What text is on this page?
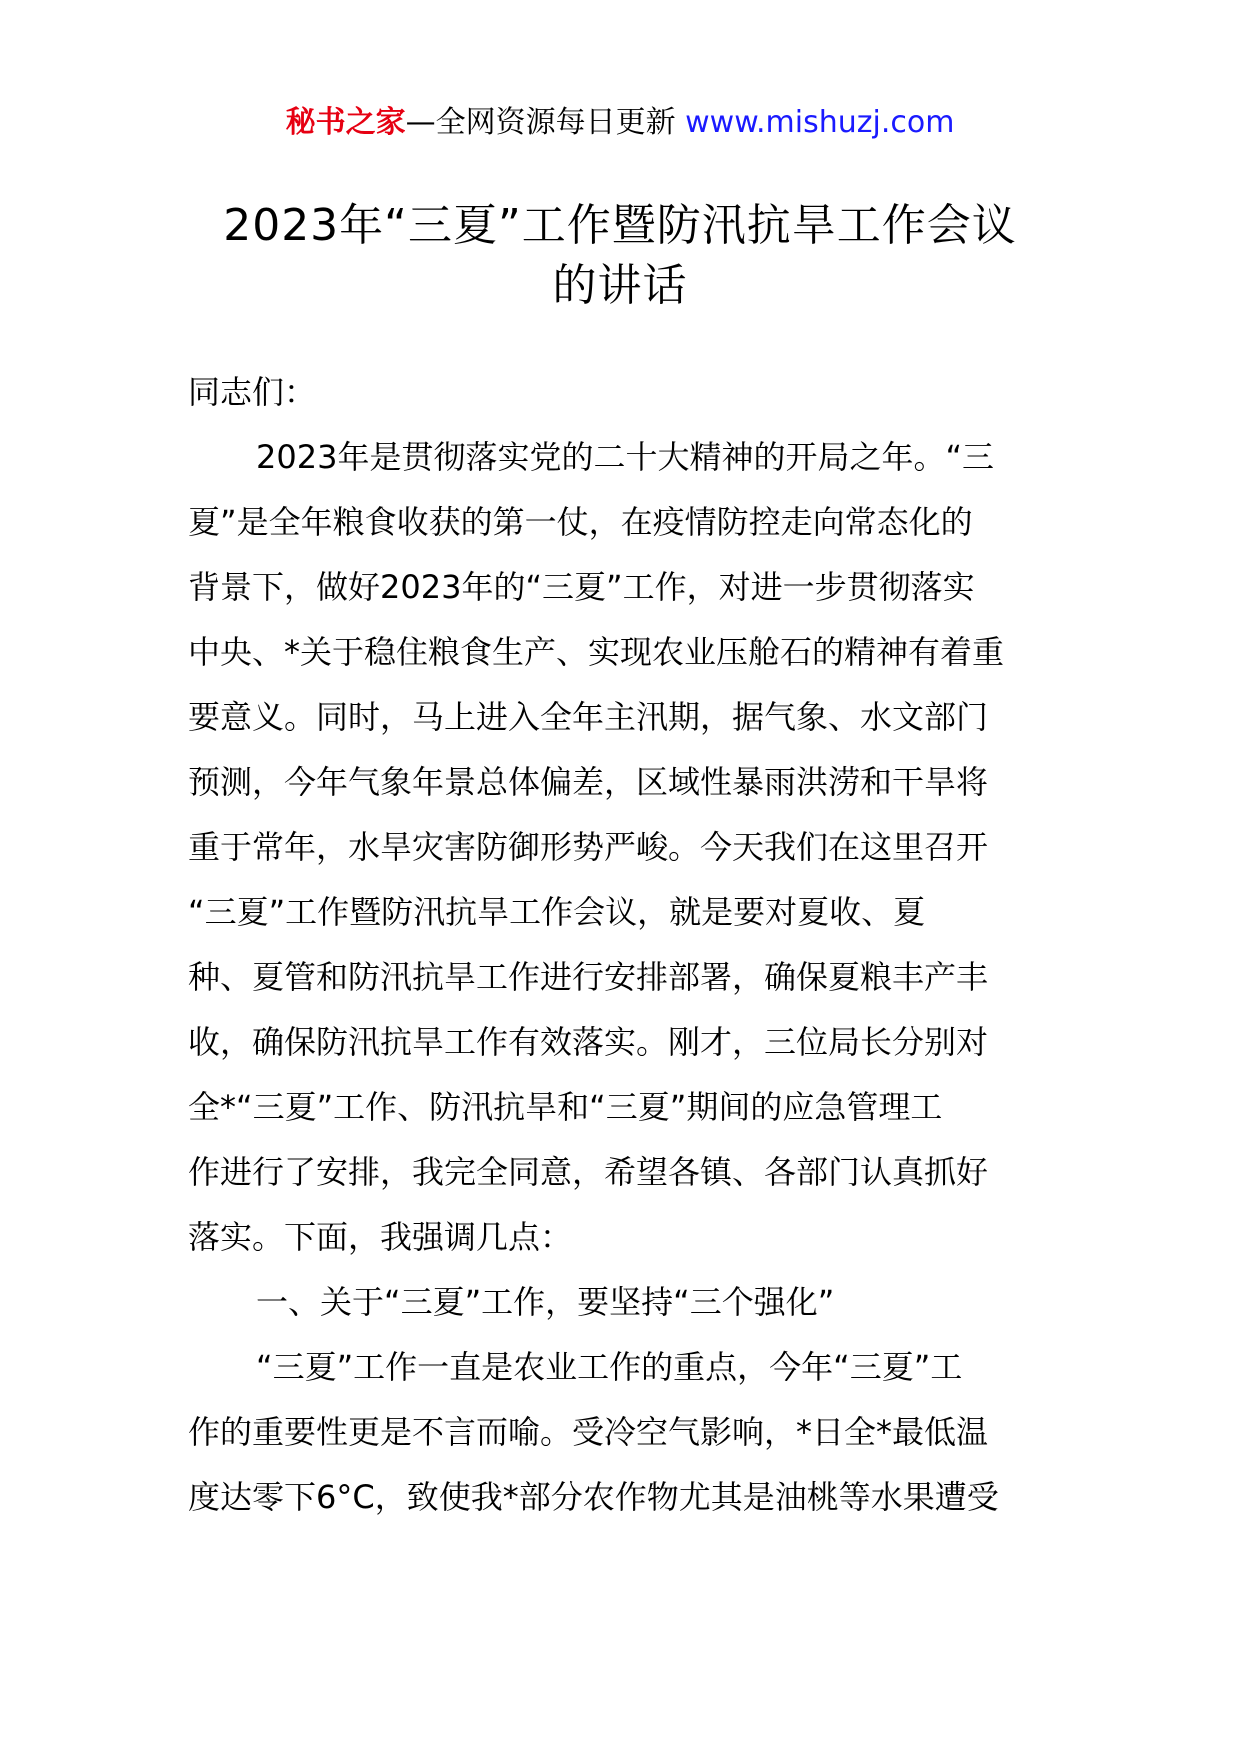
秘书之家—全网资源每日更新 www.mishuzj.com
2023年“三夏”工作暨防汛抗旱工作会议
的讲话
同志们：
2023年是贯彻落实党的二十大精神的开局之年。“三
夏”是全年粮食收获的第一仗，在疫情防控走向常态化的
背景下，做好2023年的“三夏”工作，对进一步贯彻落实
中央、*关于稳住粮食生产、实现农业压舱石的精神有着重
要意义。同时，马上进入全年主汛期，据气象、水文部门
预测，今年气象年景总体偏差，区域性暴雨洪涝和干旱将
重于常年，水旱灾害防御形势严峻。今天我们在这里召开
“三夏”工作暨防汛抗旱工作会议，就是要对夏收、夏
种、夏管和防汛抗旱工作进行安排部署，确保夏粮丰产丰
收，确保防汛抗旱工作有效落实。刚才，三位局长分别对
全*“三夏”工作、防汛抗旱和“三夏”期间的应急管理工
作进行了安排，我完全同意，希望各镇、各部门认真抓好
落实。下面，我强调几点：
一、关于“三夏”工作，要坚持“三个强化”
“三夏”工作一直是农业工作的重点，今年“三夏”工
作的重要性更是不言而喻。受冷空气影响，*日全*最低温
度达零下6°C，致使我*部分农作物尤其是油桃等水果遭受
